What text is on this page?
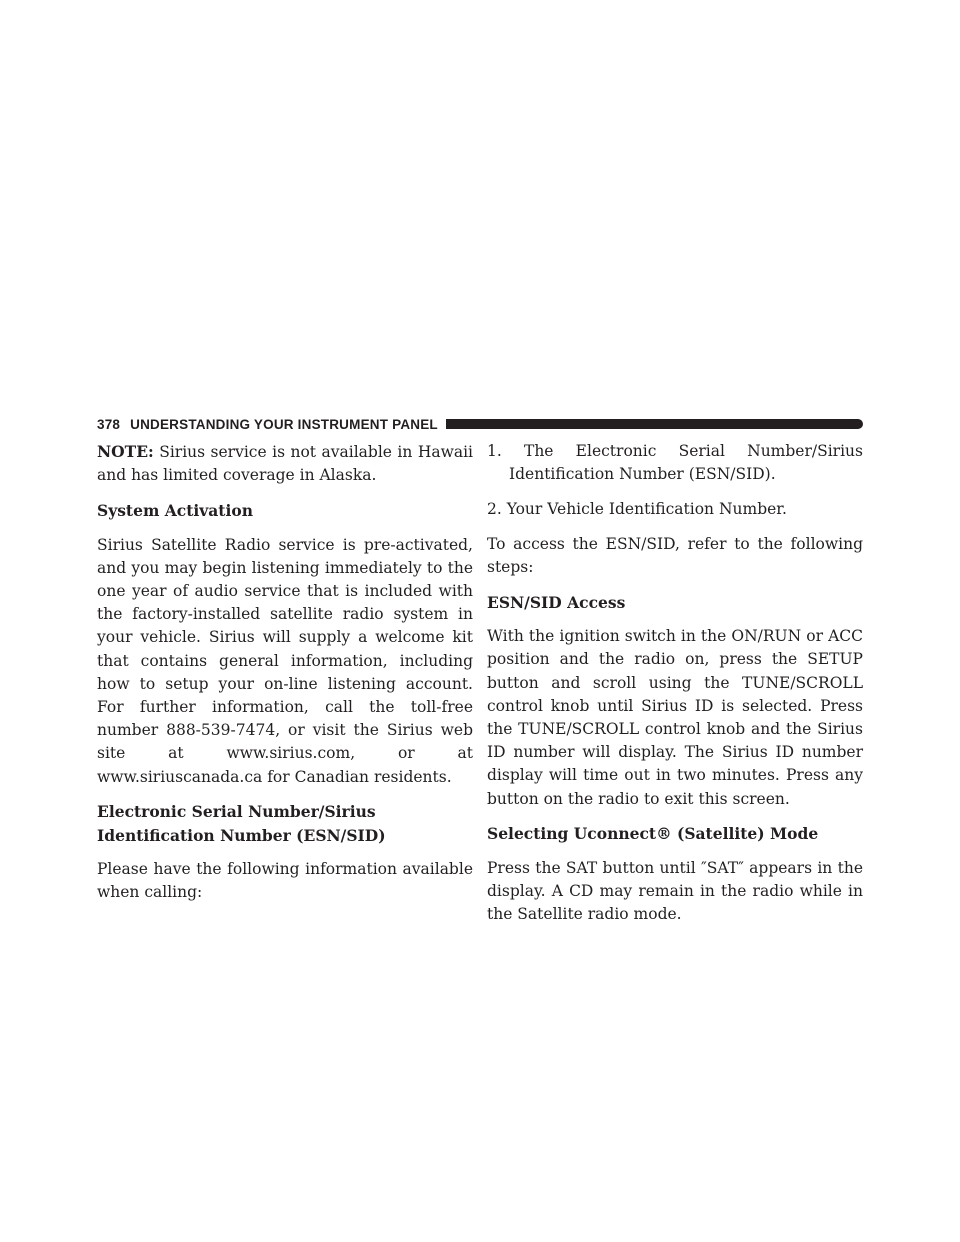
378 UNDERSTANDING YOUR INSTRUMENT PANEL

NOTE: Sirius service is not available in Hawaii and has limited coverage in Alaska.

System Activation

Sirius Satellite Radio service is pre-activated, and you may begin listening immediately to the one year of audio service that is included with the factory-installed satellite radio system in your vehicle. Sirius will supply a welcome kit that contains general information, including how to setup your on-line listening account. For further information, call the toll-free number 888-539-7474, or visit the Sirius web site at www.sirius.com, or at www.siriuscanada.ca for Canadian residents.

Electronic Serial Number/Sirius Identification Number (ESN/SID)

Please have the following information available when calling:

1. The Electronic Serial Number/Sirius Identification Number (ESN/SID).

2. Your Vehicle Identification Number.

To access the ESN/SID, refer to the following steps:

ESN/SID Access

With the ignition switch in the ON/RUN or ACC position and the radio on, press the SETUP button and scroll using the TUNE/SCROLL control knob until Sirius ID is selected. Press the TUNE/SCROLL control knob and the Sirius ID number will display. The Sirius ID number display will time out in two minutes. Press any button on the radio to exit this screen.

Selecting Uconnect® (Satellite) Mode

Press the SAT button until ″SAT″ appears in the display. A CD may remain in the radio while in the Satellite radio mode.
